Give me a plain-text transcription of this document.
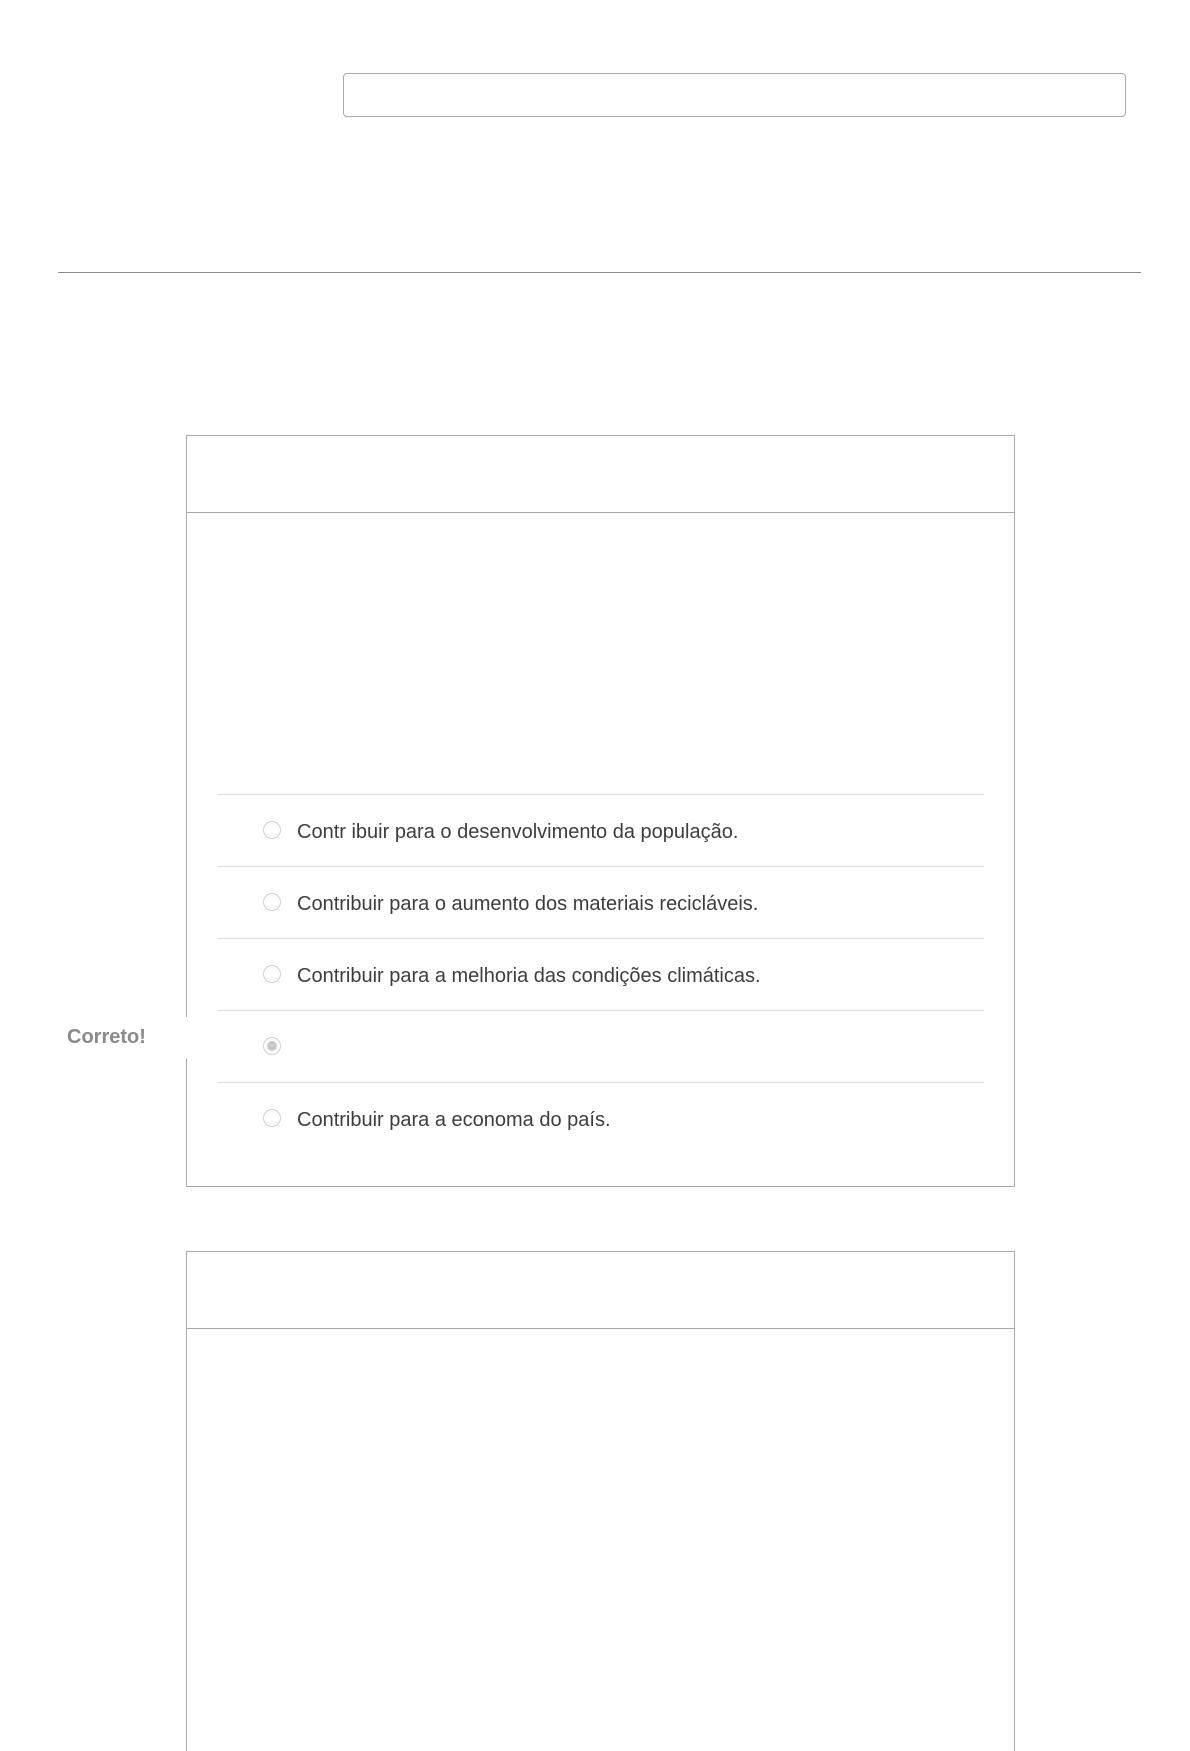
Contr ibuir para o desenvolvimento da população.
Contribuir para o aumento dos materiais recicláveis.
Contribuir para a melhoria das condições climáticas.
Contribuir para a economa do país.
Correto!
